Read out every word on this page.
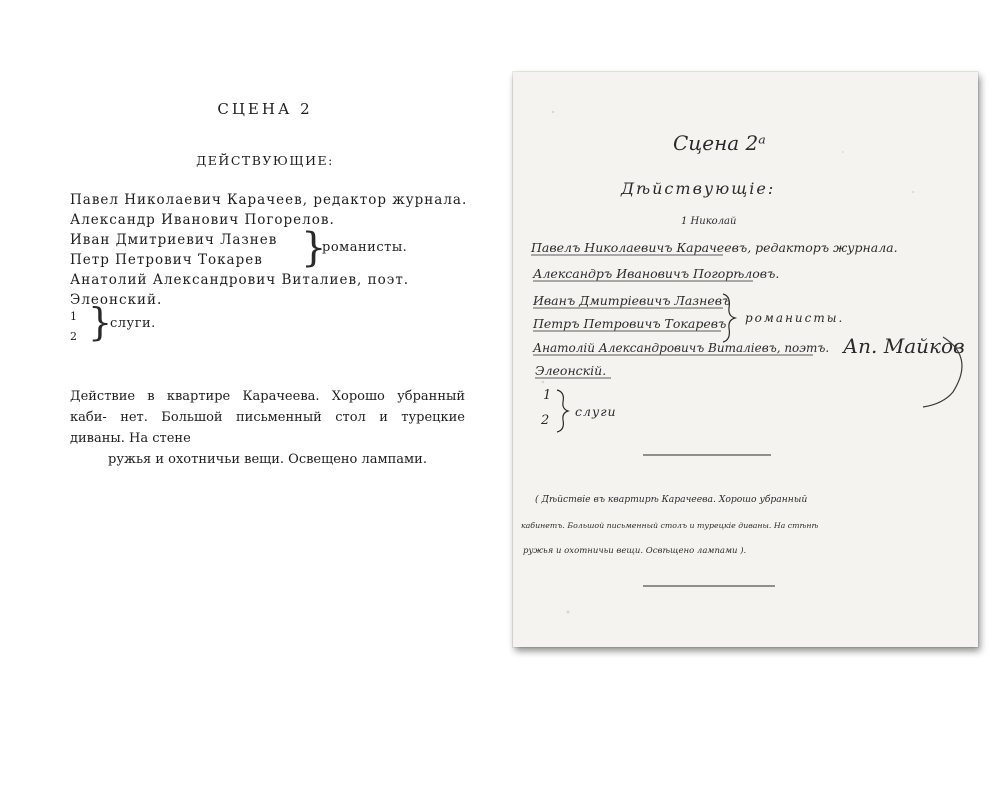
СЦЕНА 2
ДЕЙСТВУЮЩИЕ:
Павел Николаевич Карачеев, редактор журнала.
Александр Иванович Погорелов.
Иван Дмитриевич Лазнев
Петр Петрович Токарев }
романисты.
Анатолий Александрович Виталиев, поэт.
Элеонский.
1
2 }
слуги.
Действие в квартире Карачеева. Хорошо убранный каби- нет. Большой письменный стол и турецкие диваны. На стене
ружья и охотничьи вещи. Освещено лампами.
Сцена 2ᵃ
Дѣйствующіе:
1 Николай
Павелъ Николаевичъ Карачеевъ, редакторъ журнала.
Александръ Ивановичъ Погорѣловъ.
Иванъ Дмитріевичъ Лазневъ
Петръ Петровичъ Токаревъ романисты.
Анатолій Александровичъ Виталіевъ, поэтъ. Ап. Майков
Элеонскій.
1
2
слуги
( Дѣйствіе въ квартирѣ Карачеева. Хорошо убранный
кабинетъ. Большой письменный столъ и турецкіе диваны. На стѣнѣ
ружья и охотничьи вещи. Освѣщено лампами ).
